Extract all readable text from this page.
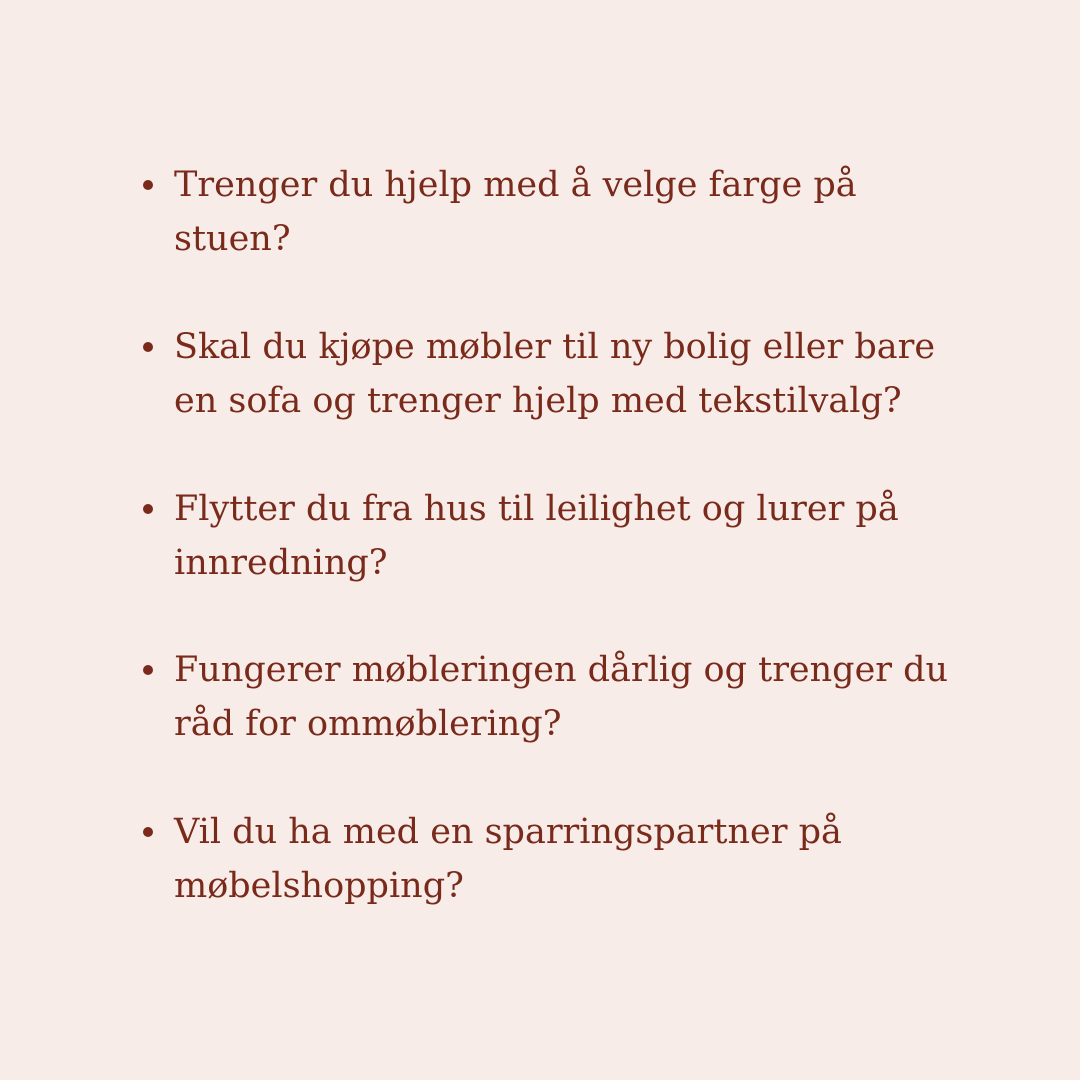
Trenger du hjelp med å velge farge på
stuen?
Skal du kjøpe møbler til ny bolig eller bare
en sofa og trenger hjelp med tekstilvalg?
Flytter du fra hus til leilighet og lurer på
innredning?
Fungerer møbleringen dårlig og trenger du
råd for ommøblering?
Vil du ha med en sparringspartner på
møbelshopping?
